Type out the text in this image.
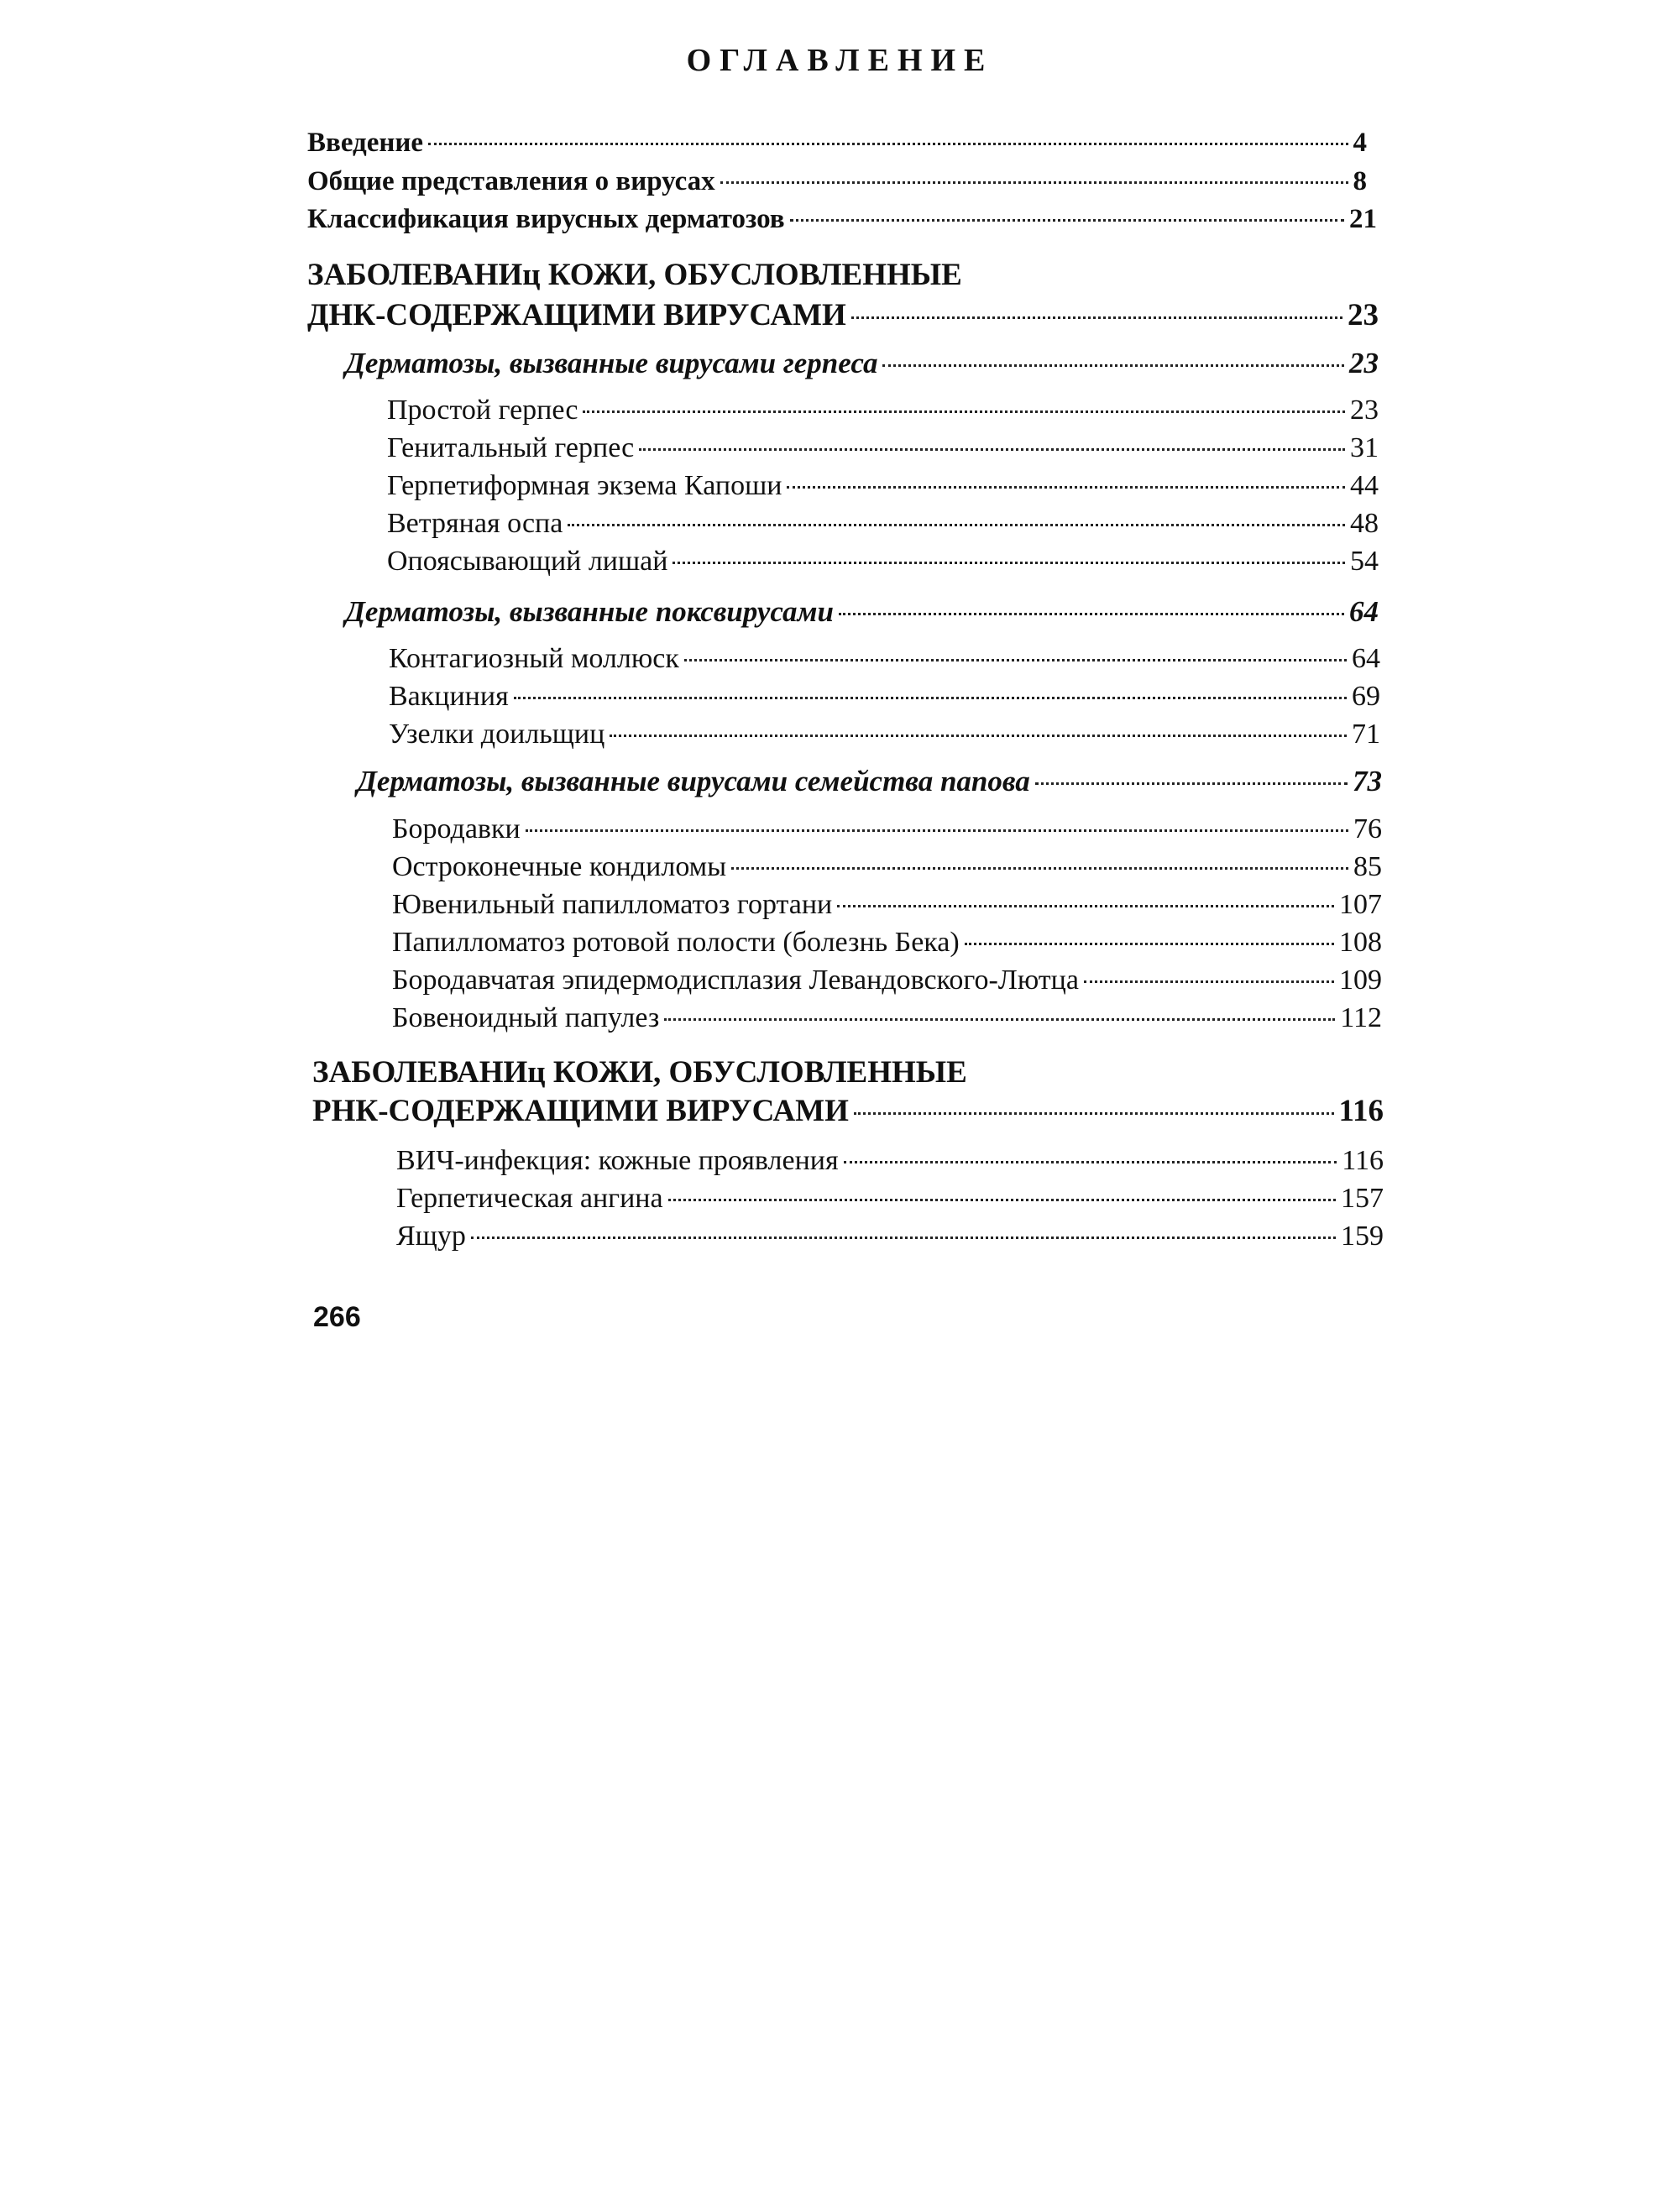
ОГЛАВЛЕНИЕ
Введение	4
Общие представления о вирусах	8
Классификация вирусных дерматозов	21
ЗАБОЛЕВАНИц КОЖИ, ОБУСЛОВЛЕННЫЕ
ДНК-СОДЕРЖАЩИМИ ВИРУСАМИ	23
Дерматозы, вызванные вирусами герпеса	23
Простой герпес	23
Генитальный герпес	31
Герпетиформная экзема Капоши	44
Ветряная оспа	48
Опоясывающий лишай	54
Дерматозы, вызванные поксвирусами	64
Контагиозный моллюск	64
Вакциния	69
Узелки доильщиц	71
Дерматозы, вызванные вирусами семейства папова	73
Бородавки	76
Остроконечные кондиломы	85
Ювенильный папилломатоз гортани	107
Папилломатоз ротовой полости (болезнь Бека)	108
Бородавчатая эпидермодисплазия Левандовского-Лютца	109
Бовеноидный папулез	112
ЗАБОЛЕВАНИц КОЖИ, ОБУСЛОВЛЕННЫЕ
РНК-СОДЕРЖАЩИМИ ВИРУСАМИ	116
ВИЧ-инфекция: кожные проявления	116
Герпетическая ангина	157
Ящур	159
266
